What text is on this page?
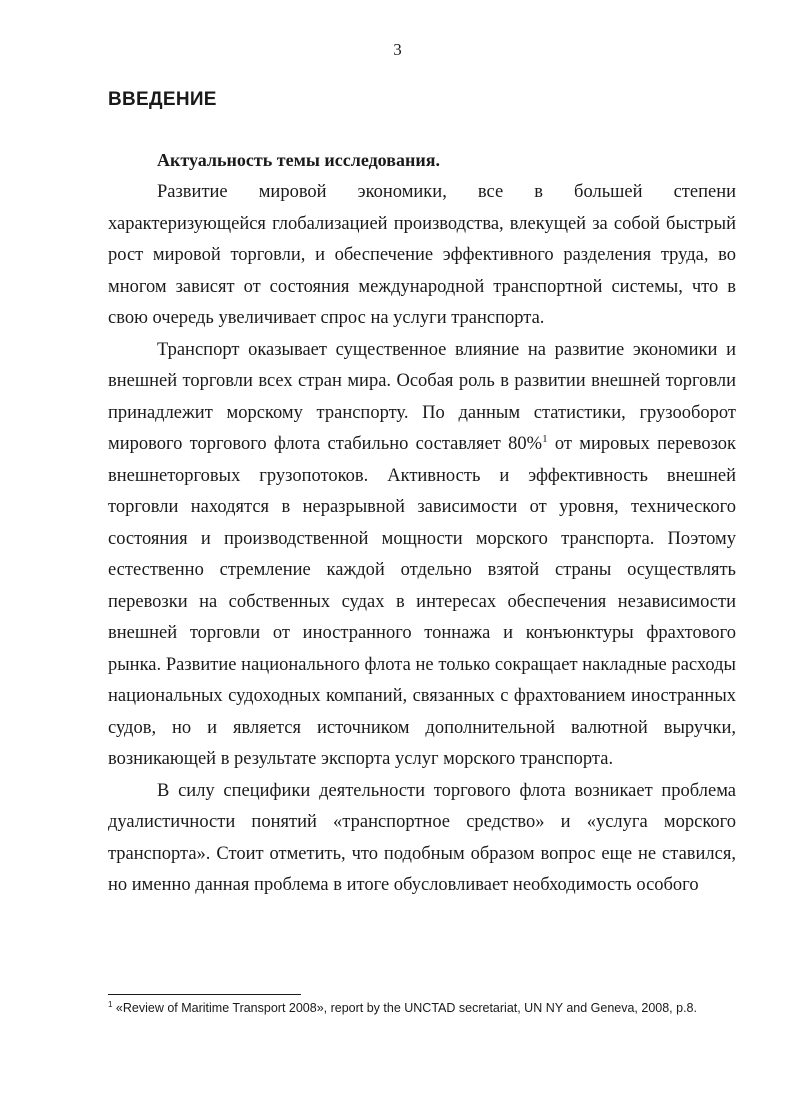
3
ВВЕДЕНИЕ
Актуальность темы исследования.

Развитие мировой экономики, все в большей степени характеризующейся глобализацией производства, влекущей за собой быстрый рост мировой торговли, и обеспечение эффективного разделения труда, во многом зависят от состояния международной транспортной системы, что в свою очередь увеличивает спрос на услуги транспорта.

Транспорт оказывает существенное влияние на развитие экономики и внешней торговли всех стран мира. Особая роль в развитии внешней торговли принадлежит морскому транспорту. По данным статистики, грузооборот мирового торгового флота стабильно составляет 80%$^1$ от мировых перевозок внешнеторговых грузопотоков. Активность и эффективность внешней торговли находятся в неразрывной зависимости от уровня, технического состояния и производственной мощности морского транспорта. Поэтому естественно стремление каждой отдельно взятой страны осуществлять перевозки на собственных судах в интересах обеспечения независимости внешней торговли от иностранного тоннажа и конъюнктуры фрахтового рынка. Развитие национального флота не только сокращает накладные расходы национальных судоходных компаний, связанных с фрахтованием иностранных судов, но и является источником дополнительной валютной выручки, возникающей в результате экспорта услуг морского транспорта.

В силу специфики деятельности торгового флота возникает проблема дуалистичности понятий «транспортное средство» и «услуга морского транспорта». Стоит отметить, что подобным образом вопрос еще не ставился, но именно данная проблема в итоге обусловливает необходимость особого

$^1$ «Review of Maritime Transport 2008», report by the UNCTAD secretariat, UN NY and Geneva, 2008, p.8.
